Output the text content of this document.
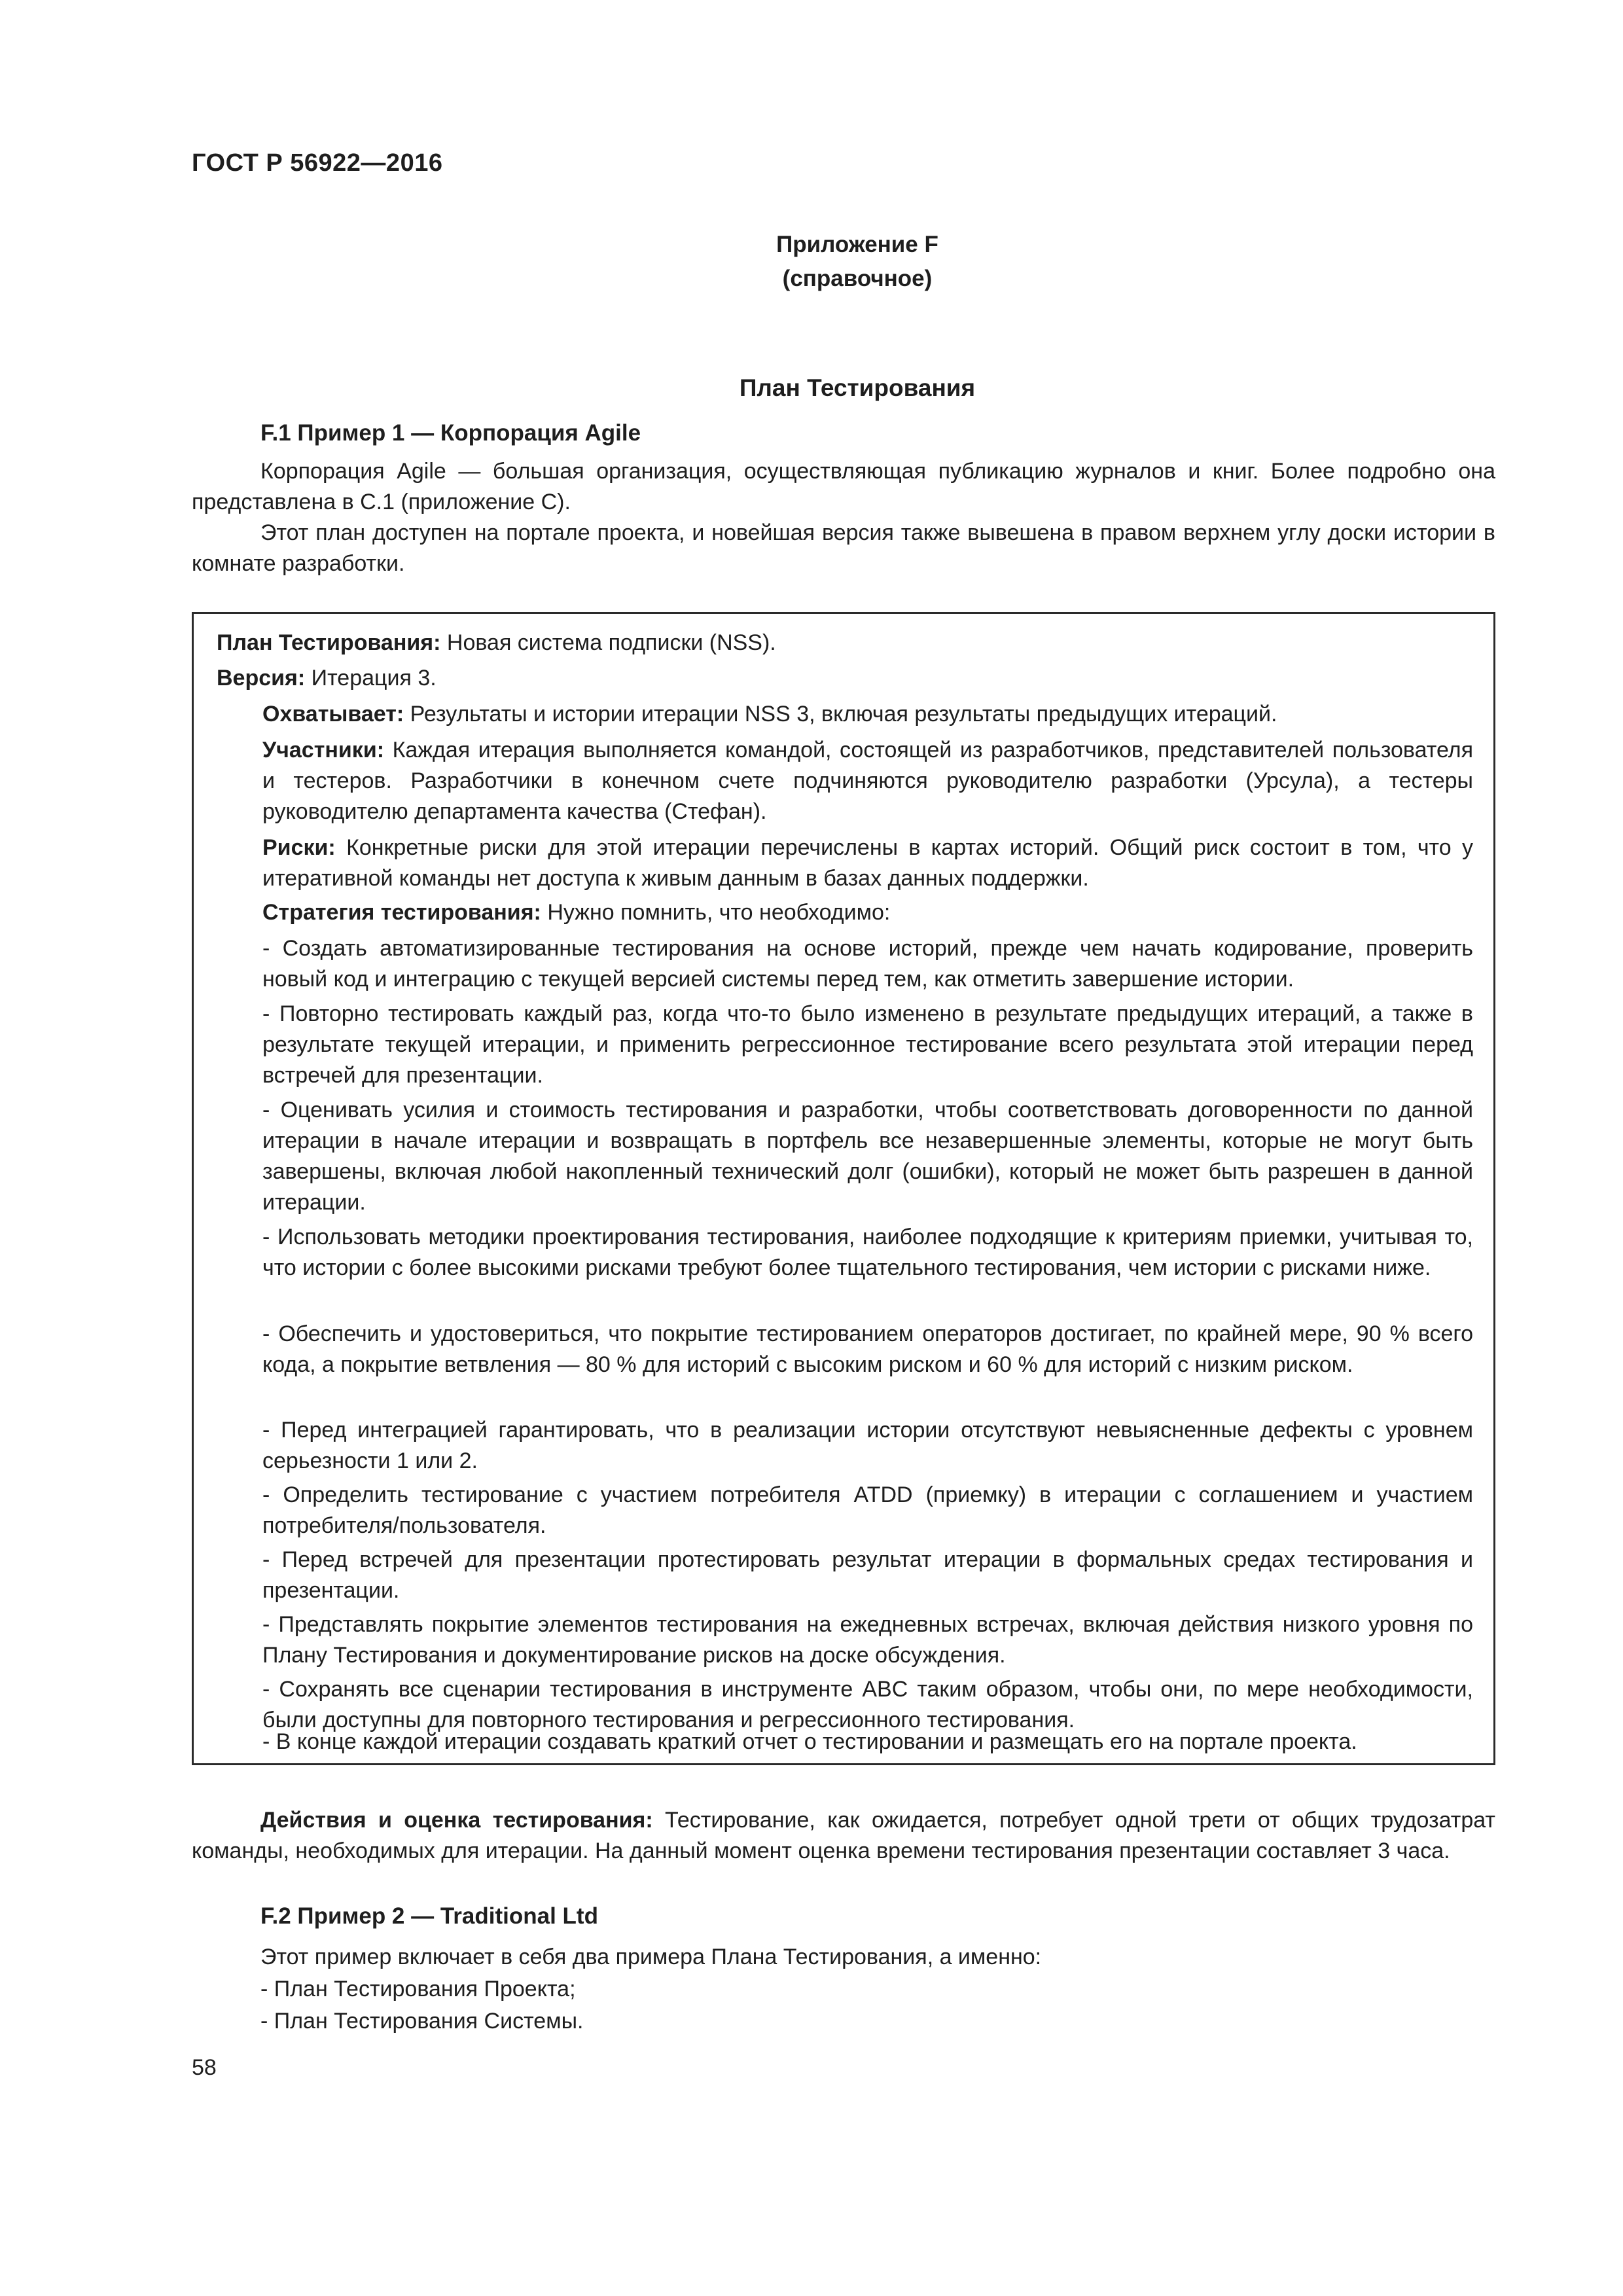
ГОСТ Р 56922—2016
Приложение F
(справочное)
План Тестирования
F.1 Пример 1 — Корпорация Agile
Корпорация Agile — большая организация, осуществляющая публикацию журналов и книг. Более подробно она представлена в С.1 (приложение С).
Этот план доступен на портале проекта, и новейшая версия также вывешена в правом верхнем углу доски истории в комнате разработки.
План Тестирования: Новая система подписки (NSS).
Версия: Итерация 3.
Охватывает: Результаты и истории итерации NSS 3, включая результаты предыдущих итераций.
Участники: Каждая итерация выполняется командой, состоящей из разработчиков, представителей пользователя и тестеров. Разработчики в конечном счете подчиняются руководителю разработки (Урсула), а тестеры руководителю департамента качества (Стефан).
Риски: Конкретные риски для этой итерации перечислены в картах историй. Общий риск состоит в том, что у итеративной команды нет доступа к живым данным в базах данных поддержки.
Стратегия тестирования: Нужно помнить, что необходимо:
- Создать автоматизированные тестирования на основе историй, прежде чем начать кодирование, проверить новый код и интеграцию с текущей версией системы перед тем, как отметить завершение истории.
- Повторно тестировать каждый раз, когда что-то было изменено в результате предыдущих итераций, а также в результате текущей итерации, и применить регрессионное тестирование всего результата этой итерации перед встречей для презентации.
- Оценивать усилия и стоимость тестирования и разработки, чтобы соответствовать договоренности по данной итерации в начале итерации и возвращать в портфель все незавершенные элементы, которые не могут быть завершены, включая любой накопленный технический долг (ошибки), который не может быть разрешен в данной итерации.
- Использовать методики проектирования тестирования, наиболее подходящие к критериям приемки, учитывая то, что истории с более высокими рисками требуют более тщательного тестирования, чем истории с рисками ниже.
- Обеспечить и удостовериться, что покрытие тестированием операторов достигает, по крайней мере, 90 % всего кода, а покрытие ветвления — 80 % для историй с высоким риском и 60 % для историй с низким риском.
- Перед интеграцией гарантировать, что в реализации истории отсутствуют невыясненные дефекты с уровнем серьезности 1 или 2.
- Определить тестирование с участием потребителя ATDD (приемку) в итерации с соглашением и участием потребителя/пользователя.
- Перед встречей для презентации протестировать результат итерации в формальных средах тестирования и презентации.
- Представлять покрытие элементов тестирования на ежедневных встречах, включая действия низкого уровня по Плану Тестирования и документирование рисков на доске обсуждения.
- Сохранять все сценарии тестирования в инструменте ABC таким образом, чтобы они, по мере необходимости, были доступны для повторного тестирования и регрессионного тестирования.
- В конце каждой итерации создавать краткий отчет о тестировании и размещать его на портале проекта.
Действия и оценка тестирования: Тестирование, как ожидается, потребует одной трети от общих трудозатрат команды, необходимых для итерации. На данный момент оценка времени тестирования презентации составляет 3 часа.
F.2 Пример 2 — Traditional Ltd
Этот пример включает в себя два примера Плана Тестирования, а именно:
- План Тестирования Проекта;
- План Тестирования Системы.
58
